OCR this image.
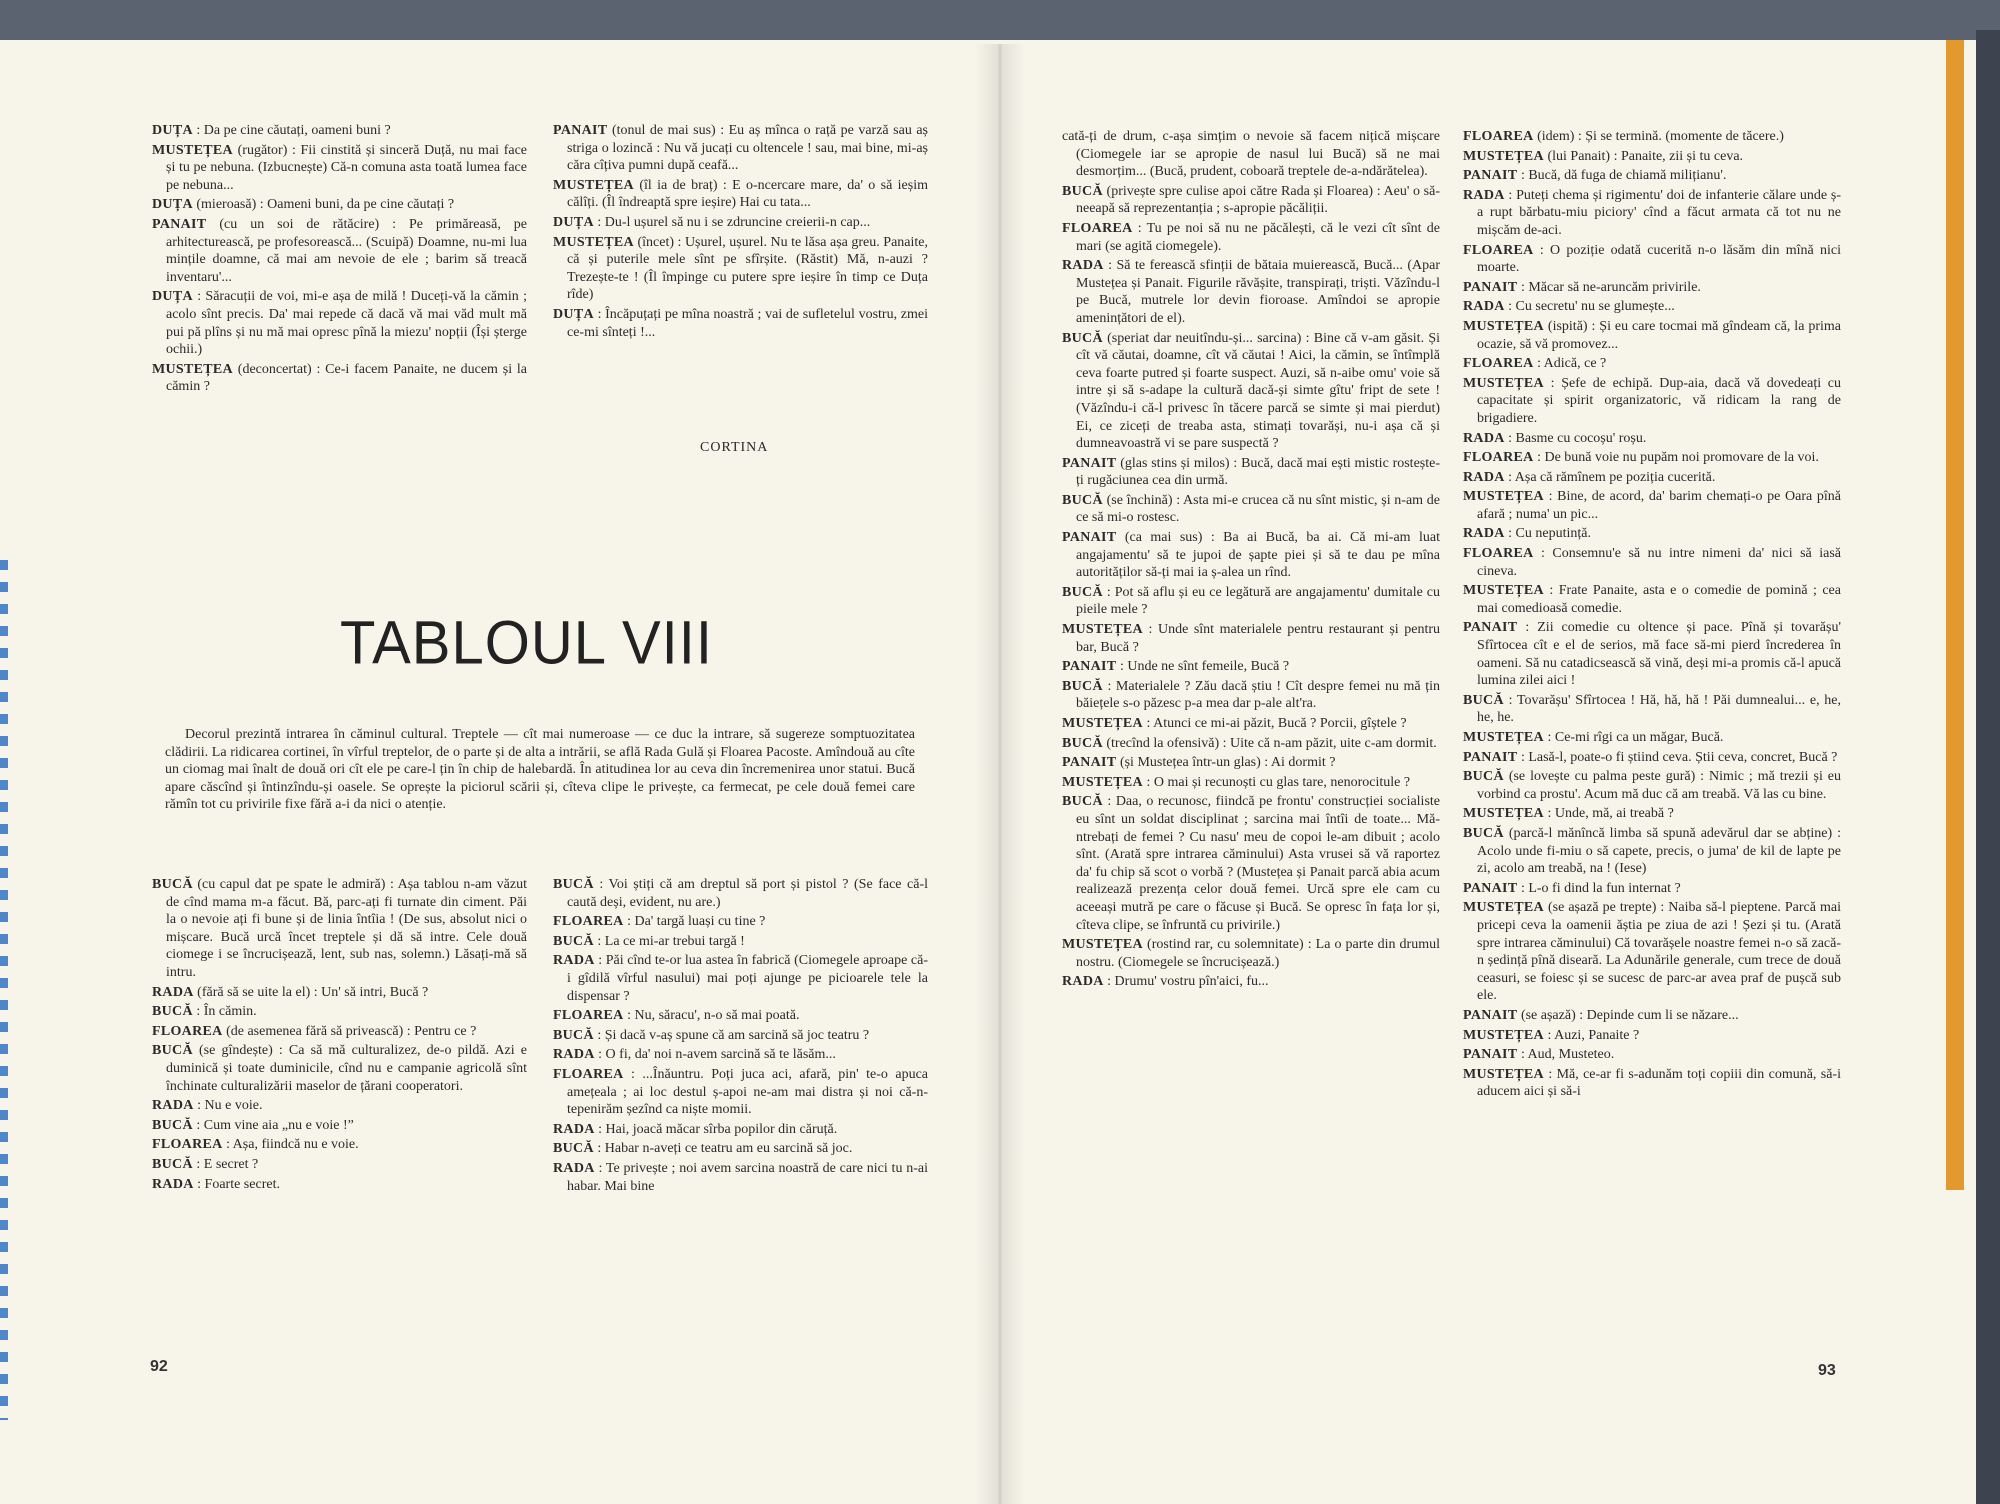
DUȚA : Da pe cine căutați, oameni buni ?

MUSTEȚEA (rugător) : Fii cinstită și sinceră Duță, nu mai face și tu pe nebuna. (Izbucnește) Că-n comuna asta toată lumea face pe nebuna...

DUȚA (mieroasă) : Oameni buni, da pe cine căutați ?

PANAIT (cu un soi de rătăcire) : Pe primăreasă, pe arhitecturească, pe profesorească... (Scuipă) Doamne, nu-mi lua mințile doamne, că mai am nevoie de ele ; barim să treacă inventaru'...

DUȚA : Săracuții de voi, mi-e așa de milă ! Duceți-vă la cămin ; acolo sînt precis. Da' mai repede că dacă vă mai văd mult mă pui pă plîns și nu mă mai opresc pînă la miezu' nopții (Își șterge ochii.)

MUSTEȚEA (deconcertat) : Ce-i facem Panaite, ne ducem și la cămin ?

PANAIT (tonul de mai sus) : Eu aș mînca o rață pe varză sau aș striga o lozincă : Nu vă jucați cu oltencele ! sau, mai bine, mi-aș căra cîțiva pumni după ceafă...

MUSTEȚEA (îl ia de braț) : E o-ncercare mare, da' o să ieșim călîți. (Îl îndreaptă spre ieșire) Hai cu tata...

DUȚA : Du-l ușurel să nu i se zdruncine creierii-n cap...

MUSTEȚEA (încet) : Ușurel, ușurel. Nu te lăsa așa greu. Panaite, că și puterile mele sînt pe sfîrșite. (Răstit) Mă, n-auzi ? Trezește-te ! (Îl împinge cu putere spre ieșire în timp ce Duța rîde)

DUȚA : Încăpuțați pe mîna noastră ; vai de sufletelul vostru, zmei ce-mi sînteți !...

CORTINA
TABLOUL VIII
Decorul prezintă intrarea în căminul cultural. Treptele — cît mai numeroase — ce duc la intrare, să sugereze somptuozitatea clădirii. La ridicarea cortinei, în vîrful treptelor, de o parte și de alta a intrării, se află Rada Gulă și Floarea Pacoste. Amîndouă au cîte un ciomag mai înalt de două ori cît ele pe care-l țin în chip de halebardă. În atitudinea lor au ceva din încremenirea unor statui. Bucă apare căscînd și întinzîndu-și oasele. Se oprește la piciorul scării și, cîteva clipe le privește, ca fermecat, pe cele două femei care rămîn tot cu privirile fixe fără a-i da nici o atenție.

BUCĂ (cu capul dat pe spate le admiră) : Așa tablou n-am văzut de cînd mama m-a făcut. Bă, parc-ați fi turnate din ciment. Păi la o nevoie ați fi bune și de linia întîia ! (De sus, absolut nici o mișcare. Bucă urcă încet treptele și dă să intre. Cele două ciomege i se încrucișează, lent, sub nas, solemn.) Lăsați-mă să intru.

RADA (fără să se uite la el) : Un' să intri, Bucă ?

BUCĂ : În cămin.

FLOAREA (de asemenea fără să privească) : Pentru ce ?

BUCĂ (se gîndește) : Ca să mă culturalizez, de-o pildă. Azi e duminică și toate duminicile, cînd nu e campanie agricolă sînt închinate culturalizării maselor de țărani cooperatori.

RADA : Nu e voie.

BUCĂ : Cum vine aia „nu e voie !”

FLOAREA : Așa, fiindcă nu e voie.

BUCĂ : E secret ?

RADA : Foarte secret.

BUCĂ : Voi știți că am dreptul să port și pistol ? (Se face că-l caută deși, evident, nu are.)

FLOAREA : Da' targă luași cu tine ?

BUCĂ : La ce mi-ar trebui targă !

RADA : Păi cînd te-or lua astea în fabrică (Ciomegele aproape că-i gîdilă vîrful nasului) mai poți ajunge pe picioarele tele la dispensar ?

FLOAREA : Nu, săracu', n-o să mai poată.

BUCĂ : Și dacă v-aș spune că am sarcină să joc teatru ?

RADA : O fi, da' noi n-avem sarcină să te lăsăm...

FLOAREA : ...Înăuntru. Poți juca aci, afară, pin' te-o apuca amețeala ; ai loc destul ș-apoi ne-am mai distra și noi că-n-tepenirăm șezînd ca niște momii.

RADA : Hai, joacă măcar sîrba popilor din căruță.

BUCĂ : Habar n-aveți ce teatru am eu sarcină să joc.

RADA : Te privește ; noi avem sarcina noastră de care nici tu n-ai habar. Mai bine

92

cată-ți de drum, c-așa simțim o nevoie să facem nițică mișcare (Ciomegele iar se apropie de nasul lui Bucă) să ne mai desmorțim... (Bucă, prudent, coboară treptele de-a-ndărătelea).

BUCĂ (privește spre culise apoi către Rada și Floarea) : Aeu' o să-neeapă să reprezentanția ; s-apropie păcăliții.

FLOAREA : Tu pe noi să nu ne păcălești, că le vezi cît sînt de mari (se agită ciomegele).

RADA : Să te ferească sfinții de bătaia muierească, Bucă... (Apar Mustețea și Panait. Figurile răvășite, transpirați, triști. Văzîndu-l pe Bucă, mutrele lor devin fioroase. Amîndoi se apropie amenințători de el).

BUCĂ (speriat dar neuitîndu-și... sarcina) : Bine că v-am găsit. Și cît vă căutai, doamne, cît vă căutai ! Aici, la cămin, se întîmplă ceva foarte putred și foarte suspect. Auzi, să n-aibe omu' voie să intre și să s-adape la cultură dacă-și simte gîtu' fript de sete ! (Văzîndu-i că-l privesc în tăcere parcă se simte și mai pierdut) Ei, ce ziceți de treaba asta, stimați tovarăși, nu-i așa că și dumneavoastră vi se pare suspectă ?

PANAIT (glas stins și milos) : Bucă, dacă mai ești mistic rostește-ți rugăciunea cea din urmă.

BUCĂ (se închină) : Asta mi-e crucea că nu sînt mistic, și n-am de ce să mi-o rostesc.

PANAIT (ca mai sus) : Ba ai Bucă, ba ai. Că mi-am luat angajamentu' să te jupoi de șapte piei și să te dau pe mîna autorităților să-ți mai ia ș-alea un rînd.

BUCĂ : Pot să aflu și eu ce legătură are angajamentu' dumitale cu pieile mele ?

MUSTEȚEA : Unde sînt materialele pentru restaurant și pentru bar, Bucă ?

PANAIT : Unde ne sînt femeile, Bucă ?

BUCĂ : Materialele ? Zău dacă știu ! Cît despre femei nu mă țin băiețele s-o păzesc p-a mea dar p-ale alt'ra.

MUSTEȚEA : Atunci ce mi-ai păzit, Bucă ? Porcii, gîștele ?

BUCĂ (trecînd la ofensivă) : Uite că n-am păzit, uite c-am dormit.

PANAIT (și Mustețea într-un glas) : Ai dormit ?

MUSTEȚEA : O mai și recunoști cu glas tare, nenorocitule ?

BUCĂ : Daa, o recunosc, fiindcă pe frontu' construcției socialiste eu sînt un soldat disciplinat ; sarcina mai întîi de toate... Mă-ntrebați de femei ? Cu nasu' meu de copoi le-am dibuit ; acolo sînt. (Arată spre intrarea căminului) Asta vrusei să vă raportez da' fu chip să scot o vorbă ? (Mustețea și Panait parcă abia acum realizează prezența celor două femei. Urcă spre ele cam cu aceeași mutră pe care o făcuse și Bucă. Se opresc în fața lor și, cîteva clipe, se înfruntă cu privirile.)

MUSTEȚEA (rostind rar, cu solemnitate) : La o parte din drumul nostru. (Ciomegele se încrucișează.)

RADA : Drumu' vostru pîn'aici, fu...

FLOAREA (idem) : Și se termină. (momente de tăcere.)

MUSTEȚEA (lui Panait) : Panaite, zii și tu ceva.

PANAIT : Bucă, dă fuga de chiamă milițianu'.

RADA : Puteți chema și rigimentu' doi de infanterie călare unde ș-a rupt bărbatu-miu piciorу' cînd a făcut armata că tot nu ne mișcăm de-aci.

FLOAREA : O poziție odată cucerită n-o lăsăm din mînă nici moarte.

PANAIT : Măcar să ne-aruncăm privirile.

RADA : Cu secretu' nu se glumește...

MUSTEȚEA (ispită) : Și eu care tocmai mă gîndeam că, la prima ocazie, să vă promovez...

FLOAREA : Adică, ce ?

MUSTEȚEA : Șefe de echipă. Dup-aia, dacă vă dovedeați cu capacitate și spirit organizatoric, vă ridicam la rang de brigadiere.

RADA : Basme cu cocoșu' roșu.

FLOAREA : De bună voie nu pupăm noi promovare de la voi.

RADA : Așa că rămînem pe poziția cucerită.

MUSTEȚEA : Bine, de acord, da' barim chemați-o pe Oara pînă afară ; numa' un pic...

RADA : Cu neputință.

FLOAREA : Consemnu'e să nu intre nimeni da' nici să iasă cineva.

MUSTEȚEA : Frate Panaite, asta e o comedie de pomină ; cea mai comedioasă comedie.

PANAIT : Zii comedie cu oltence și pace. Pînă și tovarășu' Sfîrtocea cît e el de serios, mă face să-mi pierd încrederea în oameni. Să nu catadicsească să vină, deși mi-a promis că-l apucă lumina zilei aici !

BUCĂ : Tovarășu' Sfîrtocea ! Hă, hă, hă ! Păi dumnealui... e, he, he, he.

MUSTEȚEA : Ce-mi rîgi ca un măgar, Bucă.

PANAIT : Lasă-l, poate-o fi știind ceva. Știi ceva, concret, Bucă ?

BUCĂ (se lovește cu palma peste gură) : Nimic ; mă trezii și eu vorbind ca prostu'. Acum mă duc că am treabă. Vă las cu bine.

MUSTEȚEA : Unde, mă, ai treabă ?

BUCĂ (parcă-l mănîncă limba să spună adevărul dar se abține) : Acolo unde fi-miu o să capete, precis, o juma' de kil de lapte pe zi, acolo am treabă, na ! (Iese)

PANAIT : L-o fi dind la fun internat ?

MUSTEȚEA (se așază pe trepte) : Naiba să-l pieptene. Parcă mai pricepi ceva la oamenii ăștia pe ziua de azi ! Șezi și tu. (Arată spre intrarea căminului) Că tovarășele noastre femei n-o să zacă-n ședință pînă diseară. La Adunările generale, cum trece de două ceasuri, se foiesc și se sucesc de parc-ar avea praf de pușcă sub ele.

PANAIT (se așază) : Depinde cum li se năzare...

MUSTEȚEA : Auzi, Panaite ?

PANAIT : Aud, Musteteo.

MUSTEȚEA : Mă, ce-ar fi s-adunăm toți copiii din comună, să-i aducem aici și să-i

93
